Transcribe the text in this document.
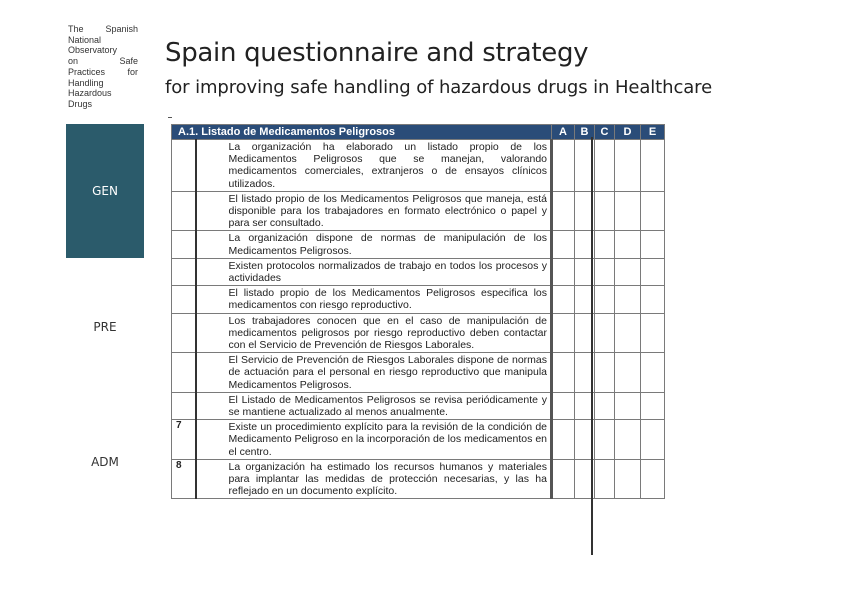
The Spanish
National
Observatory
on Safe
Practices for
Handling
Hazardous
Drugs
Spain questionnaire and strategy
for improving safe handling of hazardous drugs in Healthcare
GEN
PRE
ADM
A.1. Listado de Medicamentos Peligrosos		A	B	C	D	E
	La organización ha elaborado un listado propio de los Medicamentos Peligrosos que se manejan, valorando medicamentos comerciales, extranjeros o de ensayos clínicos utilizados.					
	El listado propio de los Medicamentos Peligrosos que maneja, está disponible para los trabajadores en formato electrónico o papel y para ser consultado.					
	La organización dispone de normas de manipulación de los Medicamentos Peligrosos.					
	Existen protocolos normalizados de trabajo en todos los procesos y actividades					
	El listado propio de los Medicamentos Peligrosos especifica los medicamentos con riesgo reproductivo.					
	Los trabajadores conocen que en el caso de manipulación de medicamentos peligrosos por riesgo reproductivo deben contactar con el Servicio de Prevención de Riesgos Laborales.					
	El Servicio de Prevención de Riesgos Laborales dispone de normas de actuación para el personal en riesgo reproductivo que manipula Medicamentos Peligrosos.					
	El Listado de Medicamentos Peligrosos se revisa periódicamente y se mantiene actualizado al menos anualmente.					
7	Existe un procedimiento explícito para la revisión de la condición de Medicamento Peligroso en la incorporación de los medicamentos en el centro.					
8	La organización ha estimado los recursos humanos y materiales para implantar las medidas de protección necesarias, y las ha reflejado en un documento explícito.					
